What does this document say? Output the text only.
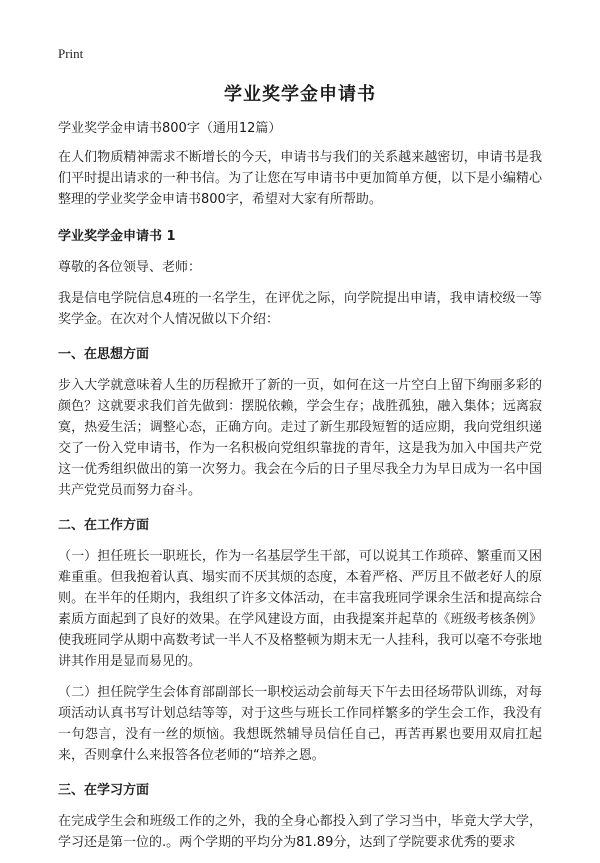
Print
学业奖学金申请书

学业奖学金申请书800字（通用12篇）

在人们物质精神需求不断增长的今天，申请书与我们的关系越来越密切，申请书是我们平时提出请求的一种书信。为了让您在写申请书中更加简单方便，以下是小编精心整理的学业奖学金申请书800字，希望对大家有所帮助。

学业奖学金申请书 1

尊敬的各位领导、老师：

我是信电学院信息4班的一名学生，在评优之际，向学院提出申请，我申请校级一等奖学金。在次对个人情况做以下介绍：

一、在思想方面

步入大学就意味着人生的历程掀开了新的一页，如何在这一片空白上留下绚丽多彩的颜色？这就要求我们首先做到：摆脱依赖，学会生存；战胜孤独，融入集体；远离寂寞，热爱生活；调整心态，正确方向。走过了新生那段短暂的适应期，我向党组织递交了一份入党申请书，作为一名积极向党组织靠拢的青年，这是我为加入中国共产党这一优秀组织做出的第一次努力。我会在今后的日子里尽我全力为早日成为一名中国共产党党员而努力奋斗。

二、在工作方面

（一）担任班长一职班长，作为一名基层学生干部，可以说其工作琐碎、繁重而又困难重重。但我抱着认真、塌实而不厌其烦的态度，本着严格、严厉且不做老好人的原则。在半年的任期内，我组织了许多文体活动，在丰富我班同学课余生活和提高综合素质方面起到了良好的效果。在学风建设方面，由我提案并起草的《班级考核条例》使我班同学从期中高数考试一半人不及格整顿为期末无一人挂科，我可以毫不夸张地讲其作用是显而易见的。

（二）担任院学生会体育部副部长一职校运动会前每天下午去田径场带队训练，对每项活动认真书写计划总结等等，对于这些与班长工作同样繁多的学生会工作，我没有一句怨言，没有一丝的烦恼。我想既然辅导员信任自己，再苦再累也要用双肩扛起来，否则拿什么来报答各位老师的“培养之恩。

三、在学习方面

在完成学生会和班级工作的之外，我的全身心都投入到了学习当中，毕竟大学大学，学习还是第一位的.。两个学期的平均分为81.89分，达到了学院要求优秀的要求
